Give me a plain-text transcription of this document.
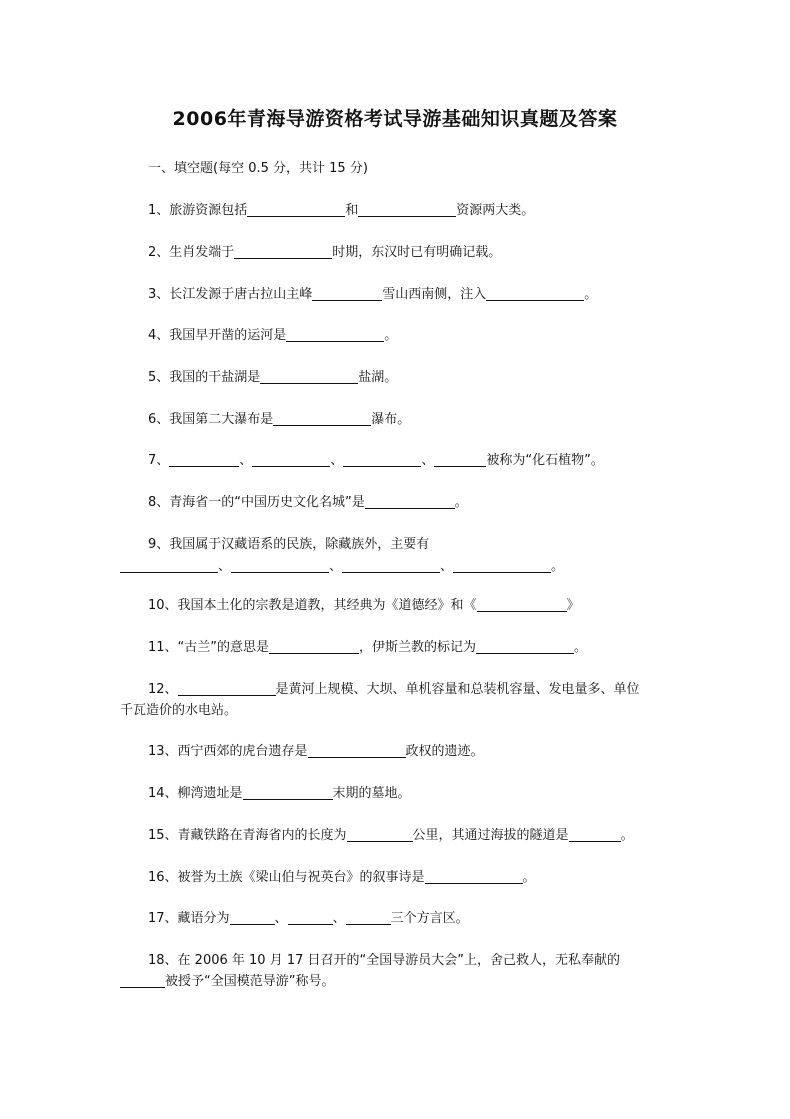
2006年青海导游资格考试导游基础知识真题及答案
一、填空题(每空 0.5 分，共计 15 分)
1、旅游资源包括	和	资源两大类。
2、生肖发端于	时期，东汉时已有明确记载。
3、长江发源于唐古拉山主峰	雪山西南侧，注入	。
4、我国早开凿的运河是	。
5、我国的干盐湖是	盐湖。
6、我国第二大瀑布是	瀑布。
7、	、	、	、	被称为“化石植物”。
8、青海省一的“中国历史文化名城”是	。
9、我国属于汉藏语系的民族，除藏族外，主要有
、	、	、	。
10、我国本土化的宗教是道教，其经典为《道德经》和《	》
11、“古兰”的意思是	，伊斯兰教的标记为	。
12、	是黄河上规模、大坝、单机容量和总装机容量、发电量多、单位
千瓦造价的水电站。
13、西宁西郊的虎台遗存是	政权的遗迹。
14、柳湾遗址是	末期的墓地。
15、青藏铁路在青海省内的长度为	公里，其通过海拔的隧道是	。
16、被誉为土族《梁山伯与祝英台》的叙事诗是	。
17、藏语分为	、	、	三个方言区。
18、在 2006 年 10 月 17 日召开的“全国导游员大会”上，舍己救人，无私奉献的
被授予“全国模范导游”称号。
